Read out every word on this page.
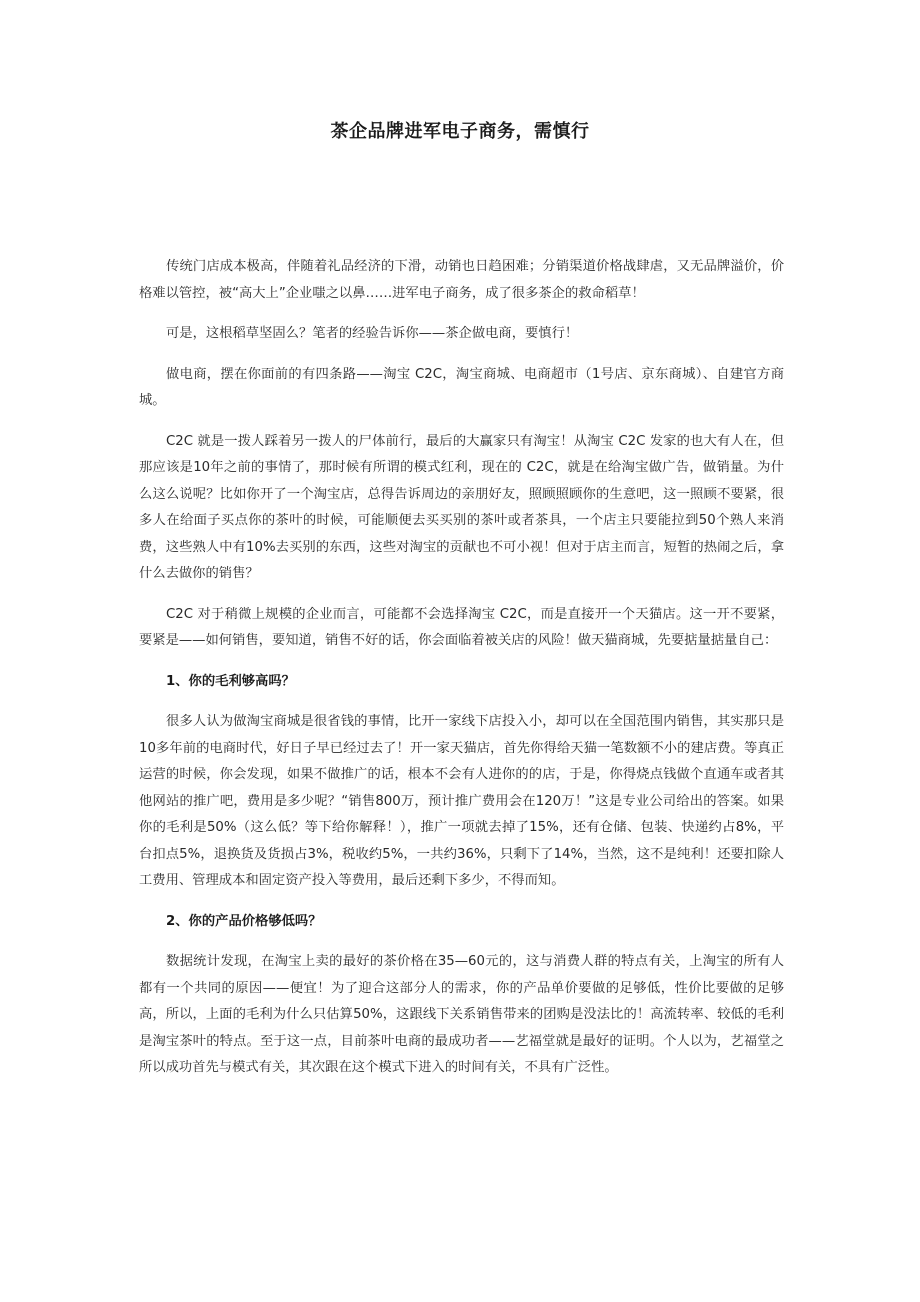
茶企品牌进军电子商务，需慎行

传统门店成本极高，伴随着礼品经济的下滑，动销也日趋困难；分销渠道价格战肆虐，又无品牌溢价，价格难以管控，被“高大上”企业嗤之以鼻……进军电子商务，成了很多茶企的救命稻草！

可是，这根稻草坚固么？笔者的经验告诉你——茶企做电商，要慎行！

做电商，摆在你面前的有四条路——淘宝 C2C，淘宝商城、电商超市（1号店、京东商城）、自建官方商城。

C2C 就是一拨人踩着另一拨人的尸体前行，最后的大赢家只有淘宝！从淘宝 C2C 发家的也大有人在，但那应该是10年之前的事情了，那时候有所谓的模式红利，现在的 C2C，就是在给淘宝做广告，做销量。为什么这么说呢？比如你开了一个淘宝店，总得告诉周边的亲朋好友，照顾照顾你的生意吧，这一照顾不要紧，很多人在给面子买点你的茶叶的时候，可能顺便去买买别的茶叶或者茶具，一个店主只要能拉到50个熟人来消费，这些熟人中有10%去买别的东西，这些对淘宝的贡献也不可小视！但对于店主而言，短暂的热闹之后，拿什么去做你的销售？

C2C 对于稍微上规模的企业而言，可能都不会选择淘宝 C2C，而是直接开一个天猫店。这一开不要紧，要紧是——如何销售，要知道，销售不好的话，你会面临着被关店的风险！做天猫商城，先要掂量掂量自己：

1、你的毛利够高吗？

很多人认为做淘宝商城是很省钱的事情，比开一家线下店投入小，却可以在全国范围内销售，其实那只是10多年前的电商时代，好日子早已经过去了！开一家天猫店，首先你得给天猫一笔数额不小的建店费。等真正运营的时候，你会发现，如果不做推广的话，根本不会有人进你的的店，于是，你得烧点钱做个直通车或者其他网站的推广吧，费用是多少呢？“销售800万，预计推广费用会在120万！”这是专业公司给出的答案。如果你的毛利是50%（这么低？等下给你解释！），推广一项就去掉了15%，还有仓储、包装、快递约占8%，平台扣点5%，退换货及货损占3%，税收约5%，一共约36%，只剩下了14%，当然，这不是纯利！还要扣除人工费用、管理成本和固定资产投入等费用，最后还剩下多少，不得而知。

2、你的产品价格够低吗？

数据统计发现，在淘宝上卖的最好的茶价格在35—60元的，这与消费人群的特点有关，上淘宝的所有人都有一个共同的原因——便宜！为了迎合这部分人的需求，你的产品单价要做的足够低，性价比要做的足够高，所以，上面的毛利为什么只估算50%，这跟线下关系销售带来的团购是没法比的！高流转率、较低的毛利是淘宝茶叶的特点。至于这一点，目前茶叶电商的最成功者——艺福堂就是最好的证明。个人以为，艺福堂之所以成功首先与模式有关，其次跟在这个模式下进入的时间有关，不具有广泛性。
